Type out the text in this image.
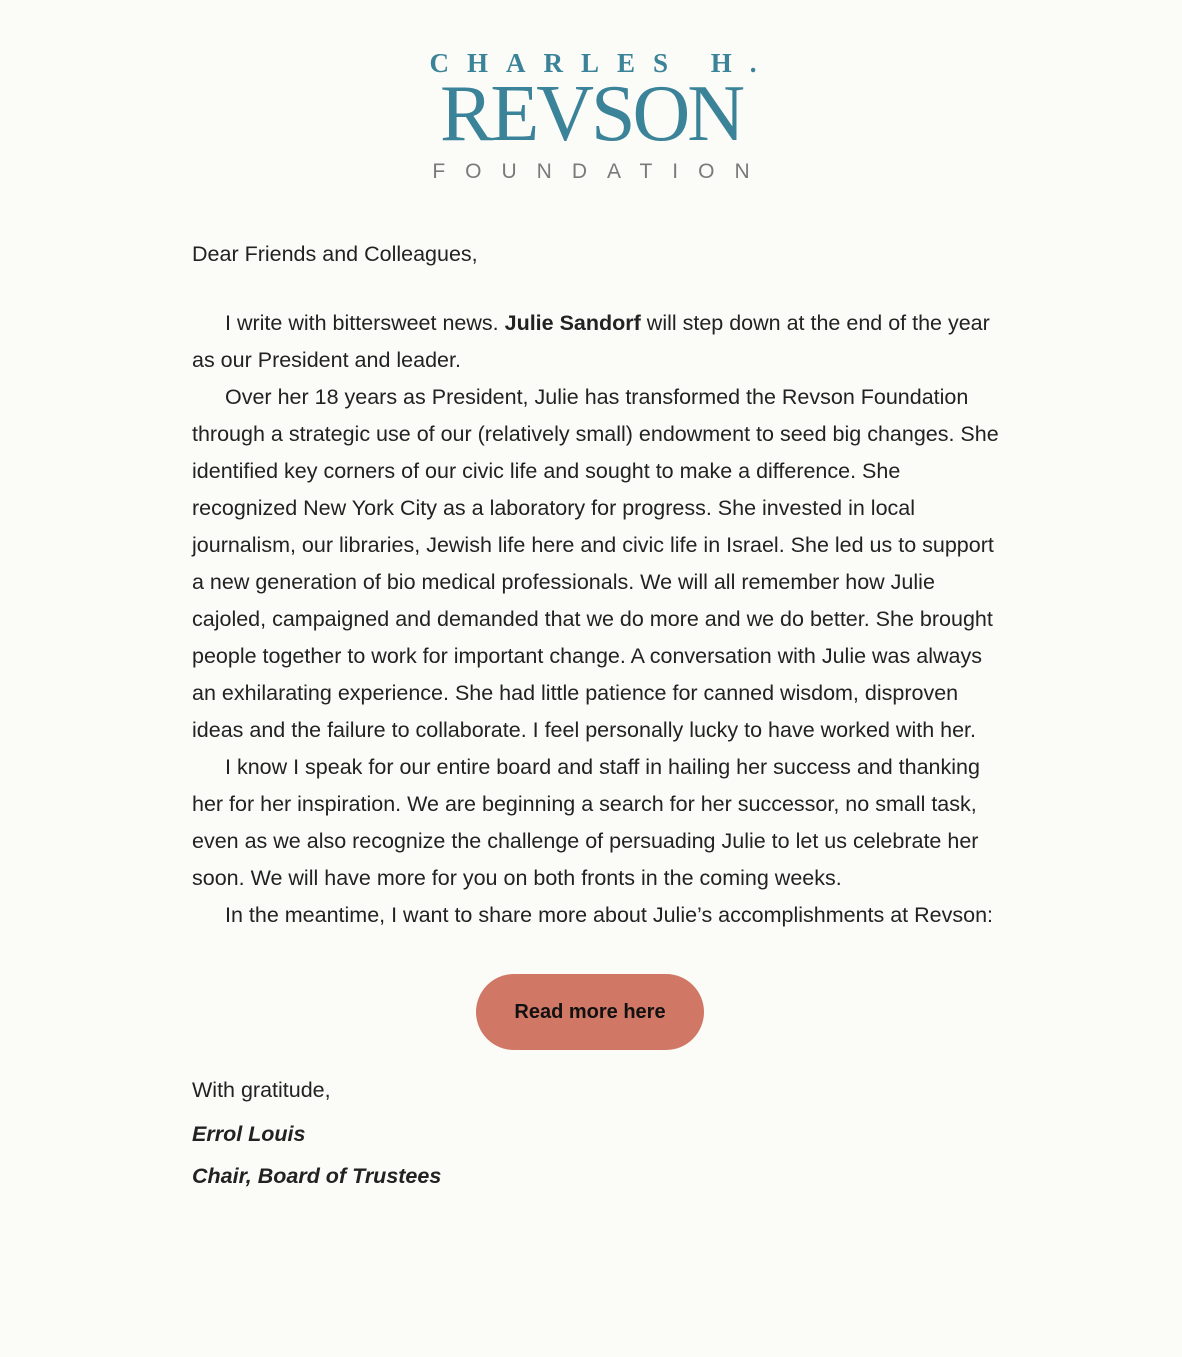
CHARLES H.
REVSON
FOUNDATION

Dear Friends and Colleagues,

I write with bittersweet news. Julie Sandorf will step down at the end of the year as our President and leader.

Over her 18 years as President, Julie has transformed the Revson Foundation through a strategic use of our (relatively small) endowment to seed big changes. She identified key corners of our civic life and sought to make a difference. She recognized New York City as a laboratory for progress. She invested in local journalism, our libraries, Jewish life here and civic life in Israel. She led us to support a new generation of bio medical professionals. We will all remember how Julie cajoled, campaigned and demanded that we do more and we do better. She brought people together to work for important change. A conversation with Julie was always an exhilarating experience. She had little patience for canned wisdom, disproven ideas and the failure to collaborate. I feel personally lucky to have worked with her.

I know I speak for our entire board and staff in hailing her success and thanking her for her inspiration. We are beginning a search for her successor, no small task, even as we also recognize the challenge of persuading Julie to let us celebrate her soon. We will have more for you on both fronts in the coming weeks.

In the meantime, I want to share more about Julie’s accomplishments at Revson:

Read more here
With gratitude,
Errol Louis
Chair, Board of Trustees
